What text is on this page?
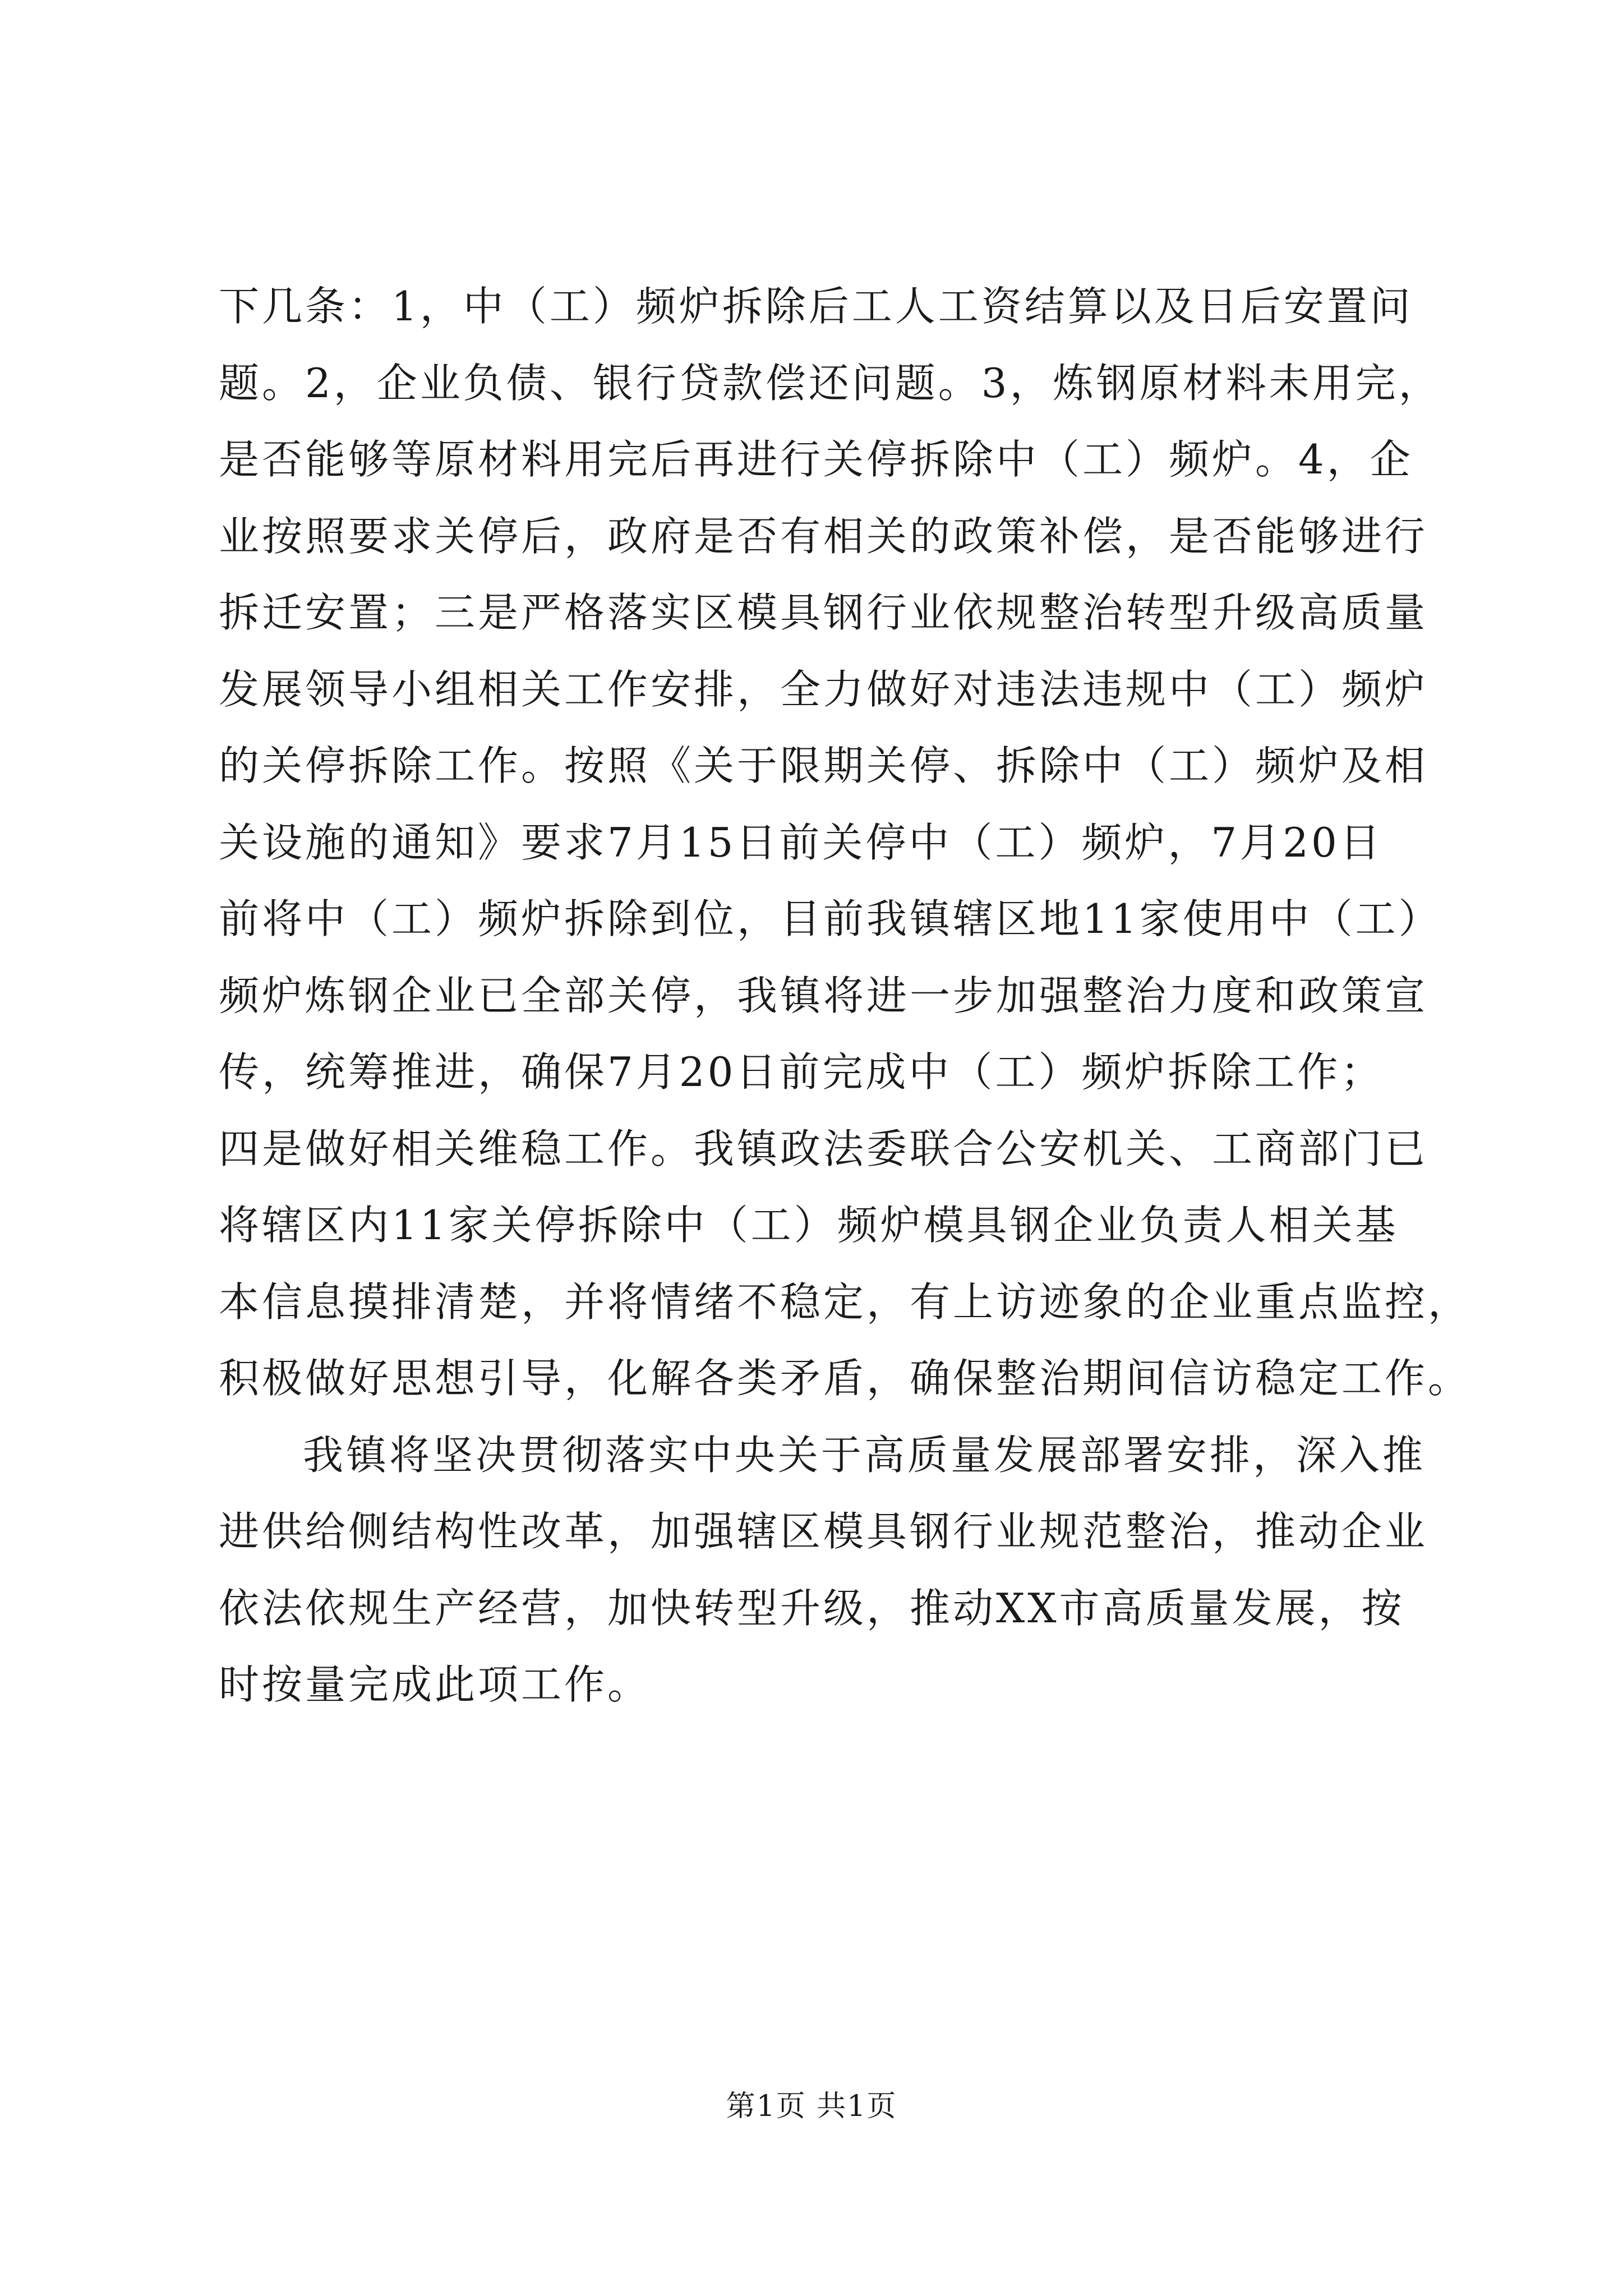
下几条：1，中（工）频炉拆除后工人工资结算以及日后安置问
题。2，企业负债、银行贷款偿还问题。3，炼钢原材料未用完，
是否能够等原材料用完后再进行关停拆除中（工）频炉。4，企
业按照要求关停后，政府是否有相关的政策补偿，是否能够进行
拆迁安置；三是严格落实区模具钢行业依规整治转型升级高质量
发展领导小组相关工作安排，全力做好对违法违规中（工）频炉
的关停拆除工作。按照《关于限期关停、拆除中（工）频炉及相
关设施的通知》要求7月15日前关停中（工）频炉，7月20日
前将中（工）频炉拆除到位，目前我镇辖区地11家使用中（工）
频炉炼钢企业已全部关停，我镇将进一步加强整治力度和政策宣
传，统筹推进，确保7月20日前完成中（工）频炉拆除工作；
四是做好相关维稳工作。我镇政法委联合公安机关、工商部门已
将辖区内11家关停拆除中（工）频炉模具钢企业负责人相关基
本信息摸排清楚，并将情绪不稳定，有上访迹象的企业重点监控，
积极做好思想引导，化解各类矛盾，确保整治期间信访稳定工作。
我镇将坚决贯彻落实中央关于高质量发展部署安排，深入推
进供给侧结构性改革，加强辖区模具钢行业规范整治，推动企业
依法依规生产经营，加快转型升级，推动XX市高质量发展，按
时按量完成此项工作。
第1页 共1页
